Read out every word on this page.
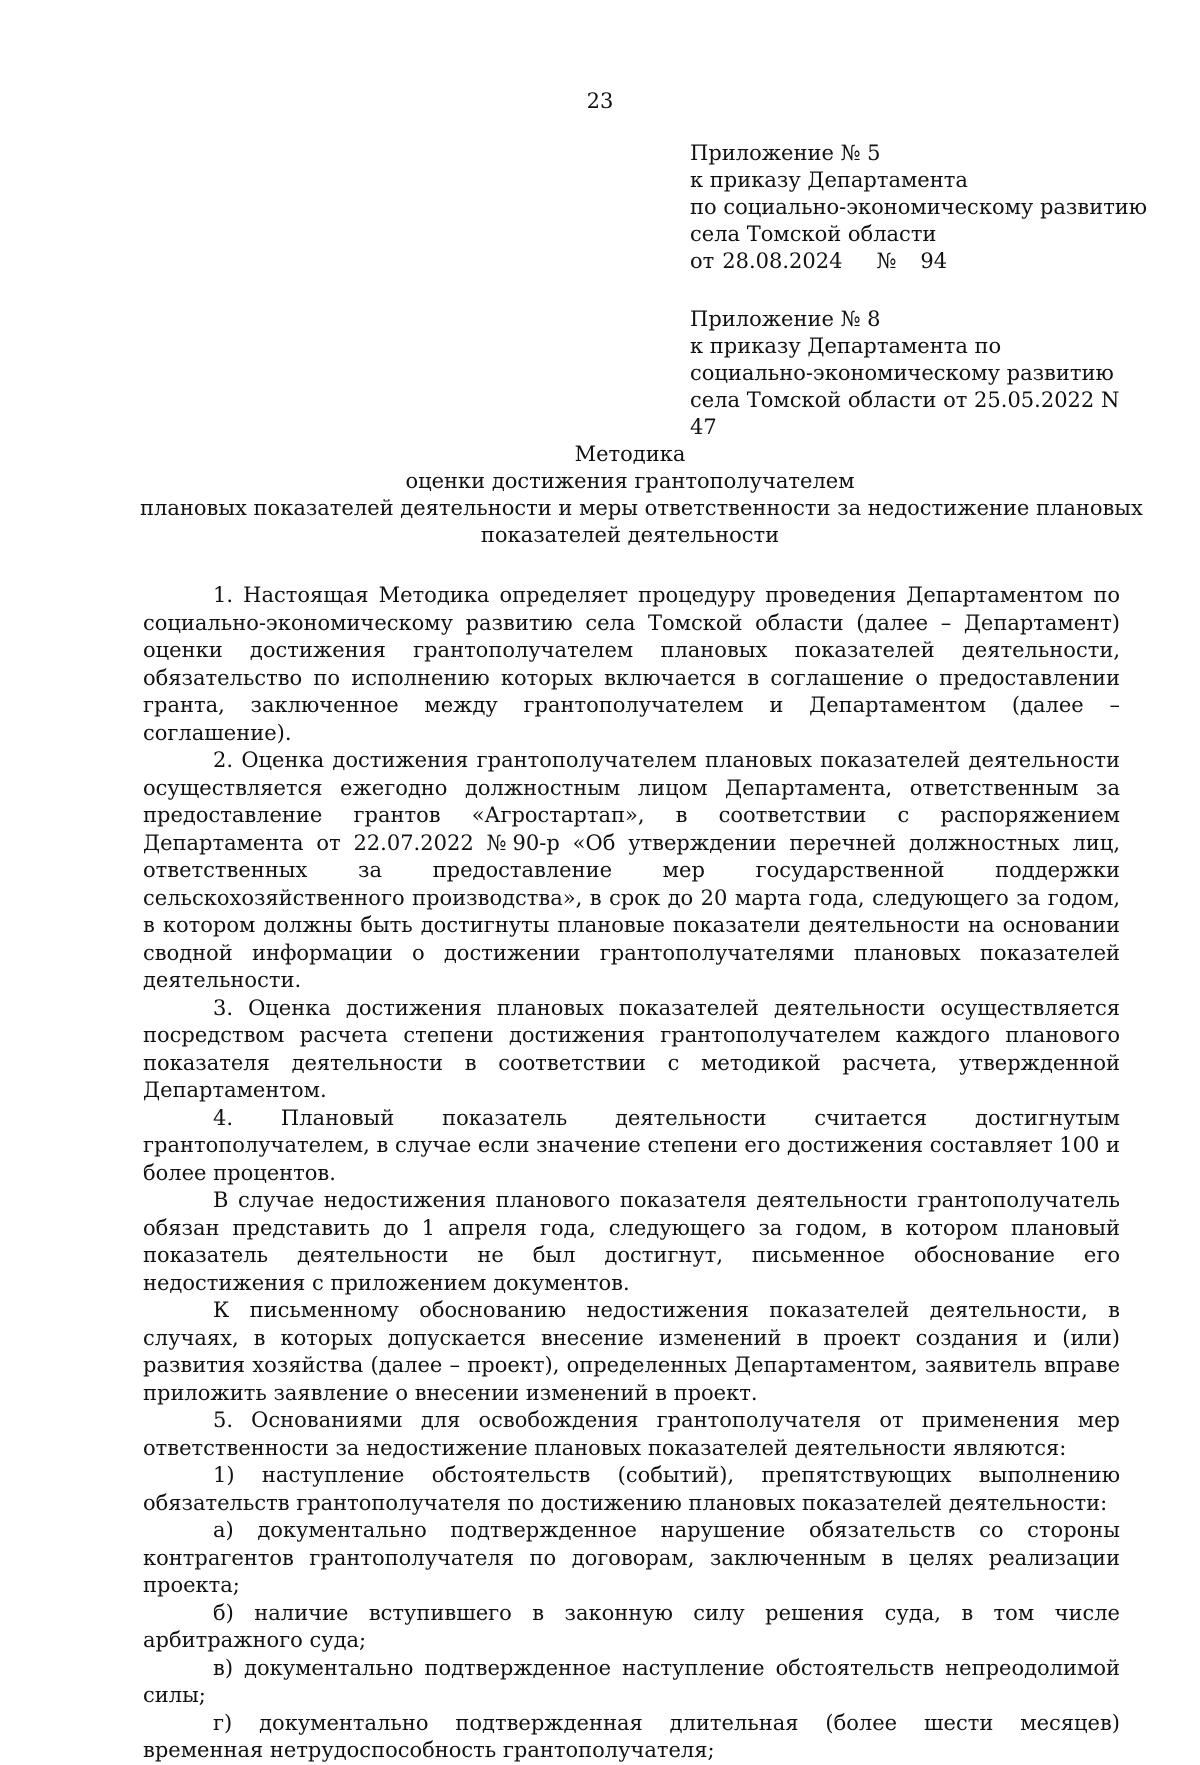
23
Приложение № 5
к приказу Департамента
по социально-экономическому развитию
села Томской области
от 28.08.2024 № 94
Приложение № 8
к приказу Департамента по социально-экономическому развитию села Томской области от 25.05.2022 N 47
Методика
оценки достижения грантополучателем
плановых показателей деятельности и меры ответственности за недостижение плановых
показателей деятельности

1. Настоящая Методика определяет процедуру проведения Департаментом по социально-экономическому развитию села Томской области (далее – Департамент) оценки достижения грантополучателем плановых показателей деятельности, обязательство по исполнению которых включается в соглашение о предоставлении гранта, заключенное между грантополучателем и Департаментом (далее – соглашение).

2. Оценка достижения грантополучателем плановых показателей деятельности осуществляется ежегодно должностным лицом Департамента, ответственным за предоставление грантов «Агростартап», в соответствии с распоряжением Департамента от 22.07.2022 №90-р «Об утверждении перечней должностных лиц, ответственных за предоставление мер государственной поддержки сельскохозяйственного производства», в срок до 20 марта года, следующего за годом, в котором должны быть достигнуты плановые показатели деятельности на основании сводной информации о достижении грантополучателями плановых показателей деятельности.

3. Оценка достижения плановых показателей деятельности осуществляется посредством расчета степени достижения грантополучателем каждого планового показателя деятельности в соответствии с методикой расчета, утвержденной Департаментом.

4. Плановый показатель деятельности считается достигнутым грантополучателем, в случае если значение степени его достижения составляет 100 и более процентов.

В случае недостижения планового показателя деятельности грантополучатель обязан представить до 1 апреля года, следующего за годом, в котором плановый показатель деятельности не был достигнут, письменное обоснование его недостижения с приложением документов.

К письменному обоснованию недостижения показателей деятельности, в случаях, в которых допускается внесение изменений в проект создания и (или) развития хозяйства (далее – проект), определенных Департаментом, заявитель вправе приложить заявление о внесении изменений в проект.

5. Основаниями для освобождения грантополучателя от применения мер ответственности за недостижение плановых показателей деятельности являются:

1) наступление обстоятельств (событий), препятствующих выполнению обязательств грантополучателя по достижению плановых показателей деятельности:

а) документально подтвержденное нарушение обязательств со стороны контрагентов грантополучателя по договорам, заключенным в целях реализации проекта;

б) наличие вступившего в законную силу решения суда, в том числе арбитражного суда;

в) документально подтвержденное наступление обстоятельств непреодолимой силы;

г) документально подтвержденная длительная (более шести месяцев) временная нетрудоспособность грантополучателя;
